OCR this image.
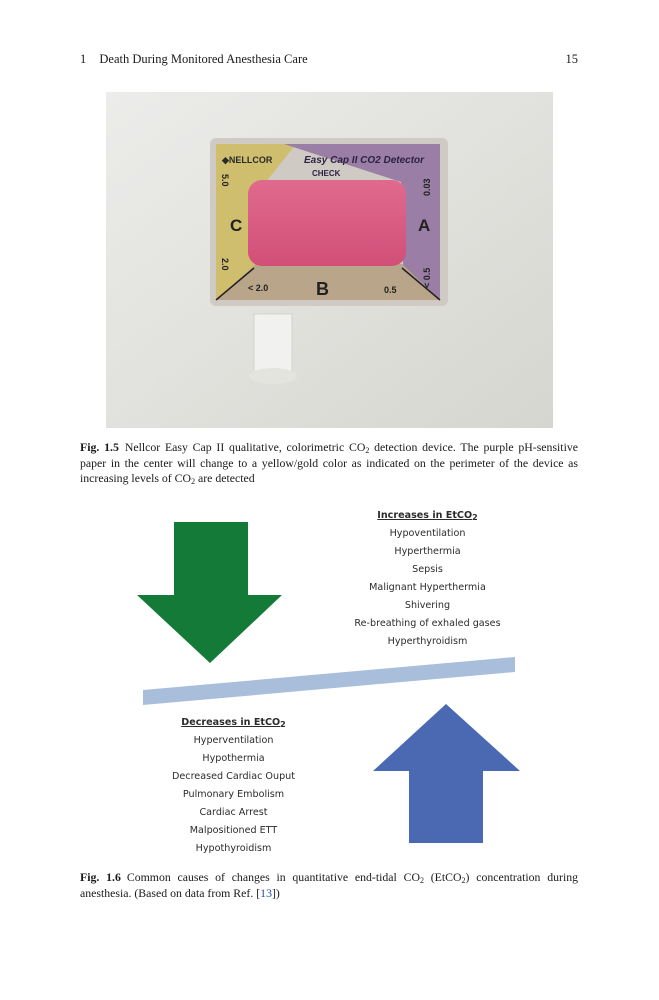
1 Death During Monitored Anesthesia Care	15
◆NELLCOR	Easy Cap II CO2 Detector
CHECK
C
B
A
5.0
2.0
< 2.0	0.5
0.03
< 0.5
Fig. 1.5 Nellcor Easy Cap II qualitative, colorimetric $CO_2$ detection device. The purple pH-sensitive paper in the center will change to a yellow/gold color as indicated on the perimeter of the device as increasing levels of $CO_2$ are detected
Increases in EtCO$_2$
Hypoventilation
Hyperthermia
Sepsis
Malignant Hyperthermia
Shivering
Re-breathing of exhaled gases
Hyperthyroidism
Decreases in EtCO$_2$
Hyperventilation
Hypothermia
Decreased Cardiac Ouput
Pulmonary Embolism
Cardiac Arrest
Malpositioned ETT
Hypothyroidism
Fig. 1.6 Common causes of changes in quantitative end-tidal $CO_2$ (EtCO$_2$) concentration during anesthesia. (Based on data from Ref. [13])
